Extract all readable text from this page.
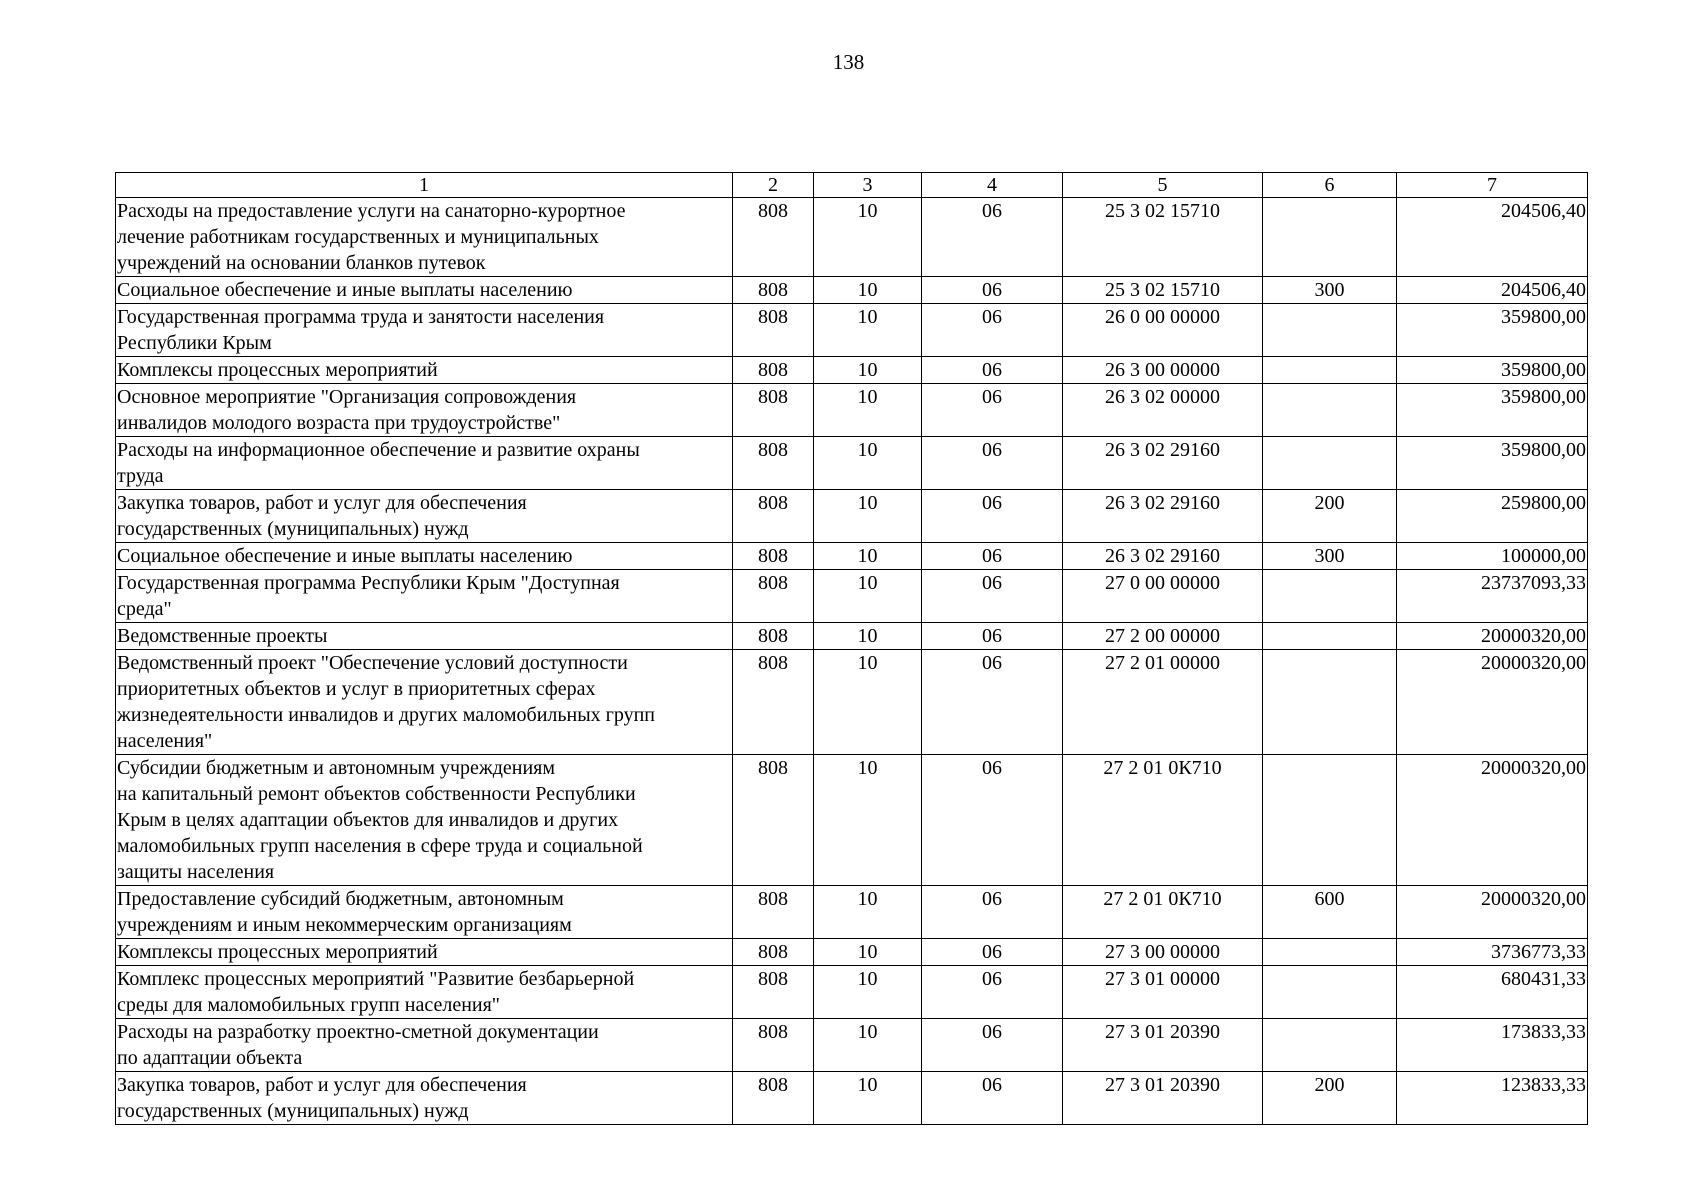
138
1	2	3	4	5	6	7
Расходы на предоставление услуги на санаторно-курортное
лечение работникам государственных и муниципальных
учреждений на основании бланков путевок	808	10	06	25 3 02 15710		204506,40
Социальное обеспечение и иные выплаты населению	808	10	06	25 3 02 15710	300	204506,40
Государственная программа труда и занятости населения
Республики Крым	808	10	06	26 0 00 00000		359800,00
Комплексы процессных мероприятий	808	10	06	26 3 00 00000		359800,00
Основное мероприятие "Организация сопровождения
инвалидов молодого возраста при трудоустройстве"	808	10	06	26 3 02 00000		359800,00
Расходы на информационное обеспечение и развитие охраны
труда	808	10	06	26 3 02 29160		359800,00
Закупка товаров, работ и услуг для обеспечения
государственных (муниципальных) нужд	808	10	06	26 3 02 29160	200	259800,00
Социальное обеспечение и иные выплаты населению	808	10	06	26 3 02 29160	300	100000,00
Государственная программа Республики Крым "Доступная
среда"	808	10	06	27 0 00 00000		23737093,33
Ведомственные проекты	808	10	06	27 2 00 00000		20000320,00
Ведомственный проект "Обеспечение условий доступности
приоритетных объектов и услуг в приоритетных сферах
жизнедеятельности инвалидов и других маломобильных групп
населения"	808	10	06	27 2 01 00000		20000320,00
Субсидии бюджетным и автономным учреждениям
на капитальный ремонт объектов собственности Республики
Крым в целях адаптации объектов для инвалидов и других
маломобильных групп населения в сфере труда и социальной
защиты населения	808	10	06	27 2 01 0К710		20000320,00
Предоставление субсидий бюджетным, автономным
учреждениям и иным некоммерческим организациям	808	10	06	27 2 01 0К710	600	20000320,00
Комплексы процессных мероприятий	808	10	06	27 3 00 00000		3736773,33
Комплекс процессных мероприятий "Развитие безбарьерной
среды для маломобильных групп населения"	808	10	06	27 3 01 00000		680431,33
Расходы на разработку проектно-сметной документации
по адаптации объекта	808	10	06	27 3 01 20390		173833,33
Закупка товаров, работ и услуг для обеспечения
государственных (муниципальных) нужд	808	10	06	27 3 01 20390	200	123833,33
